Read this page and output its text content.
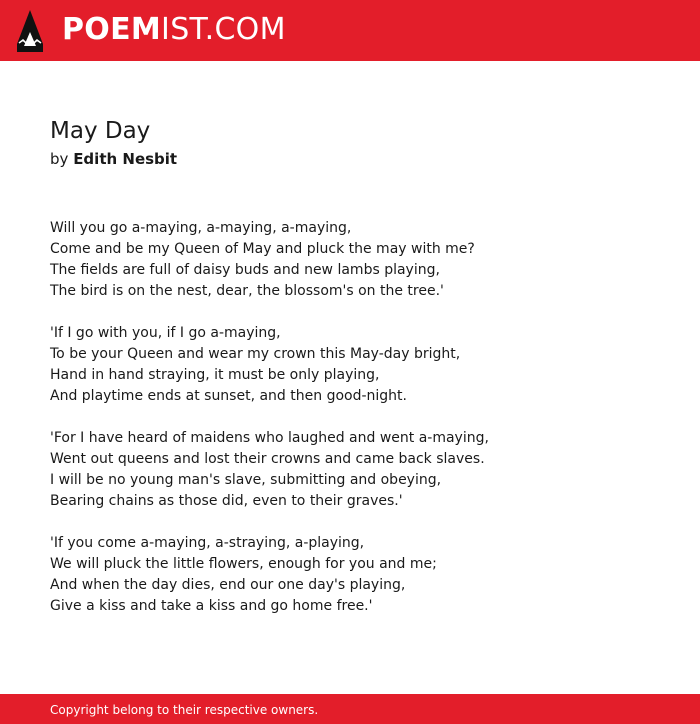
POEMIST.COM
May Day
by Edith Nesbit
Will you go a-maying, a-maying, a-maying,
Come and be my Queen of May and pluck the may with me?
The fields are full of daisy buds and new lambs playing,
The bird is on the nest, dear, the blossom's on the tree.'
'If I go with you, if I go a-maying,
To be your Queen and wear my crown this May-day bright,
Hand in hand straying, it must be only playing,
And playtime ends at sunset, and then good-night.
'For I have heard of maidens who laughed and went a-maying,
Went out queens and lost their crowns and came back slaves.
I will be no young man's slave, submitting and obeying,
Bearing chains as those did, even to their graves.'
'If you come a-maying, a-straying, a-playing,
We will pluck the little flowers, enough for you and me;
And when the day dies, end our one day's playing,
Give a kiss and take a kiss and go home free.'
Copyright belong to their respective owners.
